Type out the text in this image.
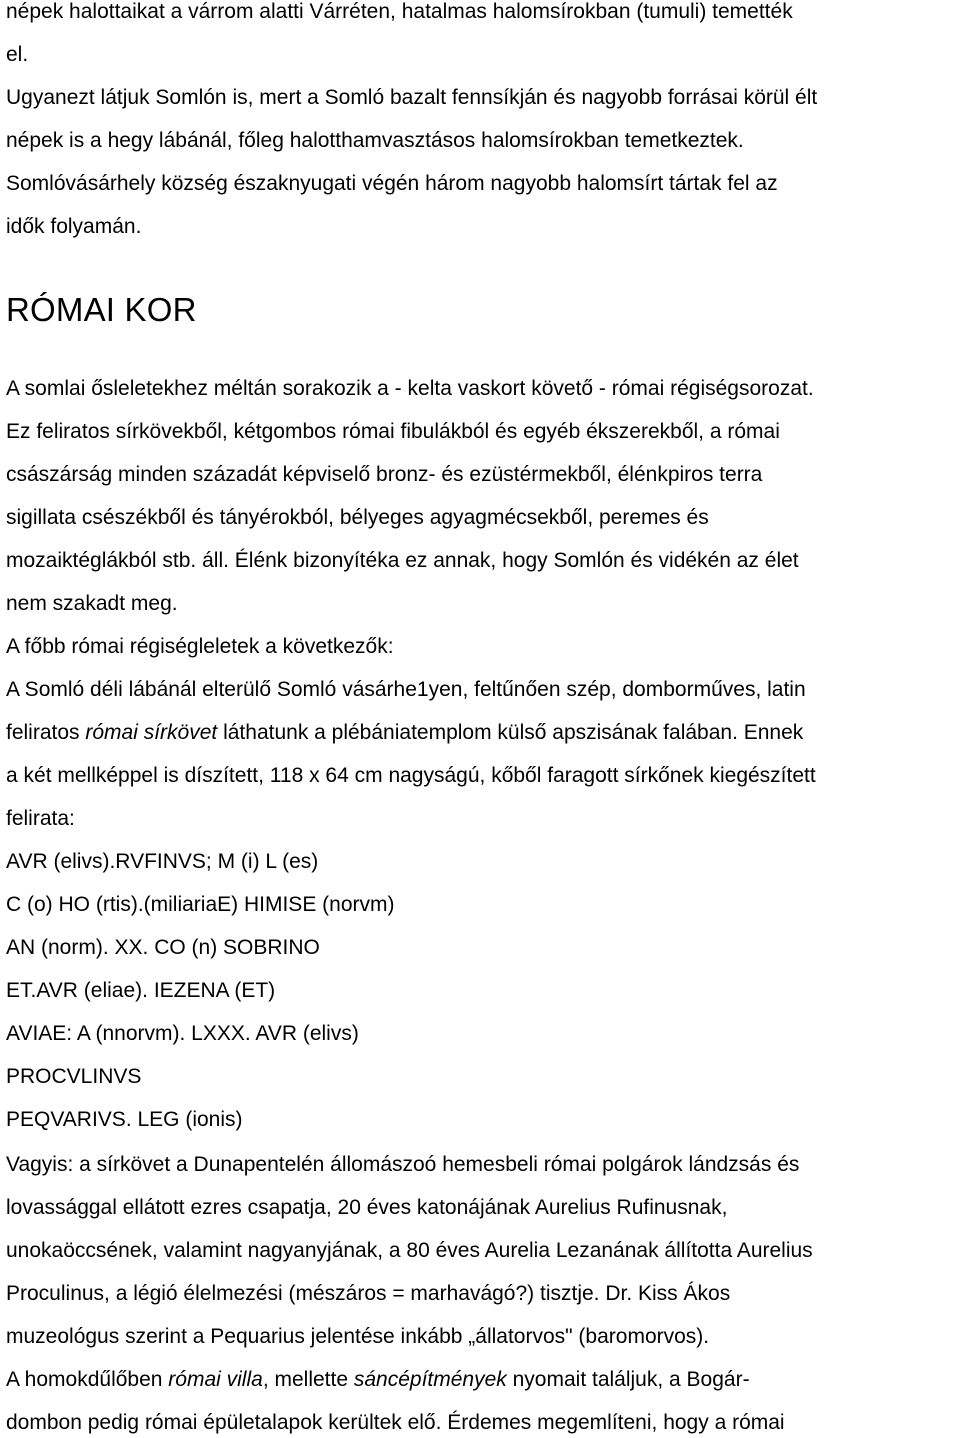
népek halottaikat a várrom alatti Várréten, hatalmas halomsírokban (tumuli) temették
el.
Ugyanezt látjuk Somlón is, mert a Somló bazalt fennsíkján és nagyobb forrásai körül élt
népek is a hegy lábánál, főleg halotthamvasztásos halomsírokban temetkeztek.
Somlóvásárhely község északnyugati végén három nagyobb halomsírt tártak fel az
idők folyamán.
RÓMAI KOR
A somlai ősleletekhez méltán sorakozik a - kelta vaskort követő - római régiségsorozat.
Ez feliratos sírkövekből, kétgombos római fibulákból és egyéb ékszerekből, a római
császárság minden századát képviselő bronz- és ezüstérmekből, élénkpiros terra
sigillata csészékből és tányérokból, bélyeges agyagmécsekből, peremes és
mozaiktéglákból stb. áll. Élénk bizonyítéka ez annak, hogy Somlón és vidékén az élet
nem szakadt meg.
A főbb római régiségleletek a következők:
A Somló déli lábánál elterülő Somló vásárhe1yen, feltűnően szép, domborműves, latin
feliratos római sírkövet láthatunk a plébániatemplom külső apszisának falában. Ennek
a két mellképpel is díszített, 118 x 64 cm nagyságú, kőből faragott sírkőnek kiegészített
felirata:
AVR (elivs).RVFINVS; M (i) L (es)
C (o) HO (rtis).(miliariaE) HIMISE (norvm)
AN (norm). XX. CO (n) SOBRINO
ET.AVR (eliae). IEZENA (ET)
AVIAE: A (nnorvm). LXXX. AVR (elivs)
PROCVLINVS
PEQVARIVS. LEG (ionis)
Vagyis: a sírkövet a Dunapentelén állomászoó hemesbeli római polgárok lándzsás és
lovassággal ellátott ezres csapatja, 20 éves katonájának Aurelius Rufinusnak,
unokaöccsének, valamint nagyanyjának, a 80 éves Aurelia Lezanának állította Aurelius
Proculinus, a légió élelmezési (mészáros = marhavágó?) tisztje. Dr. Kiss Ákos
muzeológus szerint a Pequarius jelentése inkább „állatorvos" (baromorvos).
A homokdűlőben római villa, mellette sáncépítmények nyomait találjuk, a Bogár-
dombon pedig római épületalapok kerültek elő. Érdemes megemlíteni, hogy a római
